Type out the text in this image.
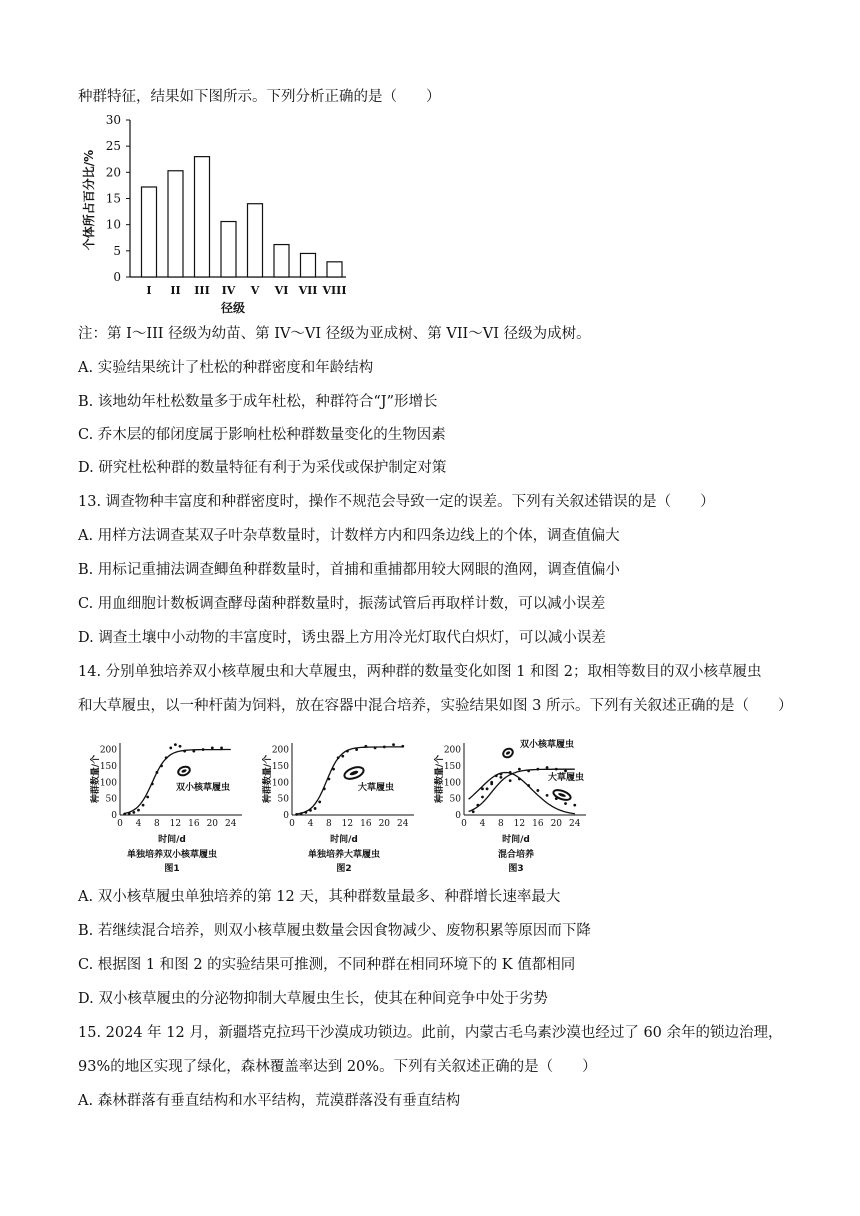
种群特征，结果如下图所示。下列分析正确的是（　　）
个体所占百分比/%
0
5
10
15
20
25
30
I II III IV V VI VII VIII
径级
注：第 I～III 径级为幼苗、第 IV～VI 径级为亚成树、第 VII～VI 径级为成树。
A. 实验结果统计了杜松的种群密度和年龄结构
B. 该地幼年杜松数量多于成年杜松，种群符合“J”形增长
C. 乔木层的郁闭度属于影响杜松种群数量变化的生物因素
D. 研究杜松种群的数量特征有利于为采伐或保护制定对策
13. 调查物种丰富度和种群密度时，操作不规范会导致一定的误差。下列有关叙述错误的是（　　）
A. 用样方法调查某双子叶杂草数量时，计数样方内和四条边线上的个体，调查值偏大
B. 用标记重捕法调查鲫鱼种群数量时，首捕和重捕都用较大网眼的渔网，调查值偏小
C. 用血细胞计数板调查酵母菌种群数量时，振荡试管后再取样计数，可以减小误差
D. 调查土壤中小动物的丰富度时，诱虫器上方用冷光灯取代白炽灯，可以减小误差
14. 分别单独培养双小核草履虫和大草履虫，两种群的数量变化如图 1 和图 2；取相等数目的双小核草履虫
和大草履虫，以一种杆菌为饲料，放在容器中混合培养，实验结果如图 3 所示。下列有关叙述正确的是（　　）
0
50
100
150
200
0 4 8 12 16 20 24
种群数量/个
时间/d
单独培养双小核草履虫
图1
双小核草履虫
0
50
100
150
200
0 4 8 12 16 20 24
种群数量/个
时间/d
单独培养大草履虫
图2
大草履虫
0
50
100
150
200
0 4 8 12 16 20 24
种群数量/个
时间/d
混合培养
图3
双小核草履虫
大草履虫
A. 双小核草履虫单独培养的第 12 天，其种群数量最多、种群增长速率最大
B. 若继续混合培养，则双小核草履虫数量会因食物减少、废物积累等原因而下降
C. 根据图 1 和图 2 的实验结果可推测，不同种群在相同环境下的 K 值都相同
D. 双小核草履虫的分泌物抑制大草履虫生长，使其在种间竞争中处于劣势
15. 2024 年 12 月，新疆塔克拉玛干沙漠成功锁边。此前，内蒙古毛乌素沙漠也经过了 60 余年的锁边治理，
93%的地区实现了绿化，森林覆盖率达到 20%。下列有关叙述正确的是（　　）
A. 森林群落有垂直结构和水平结构，荒漠群落没有垂直结构
